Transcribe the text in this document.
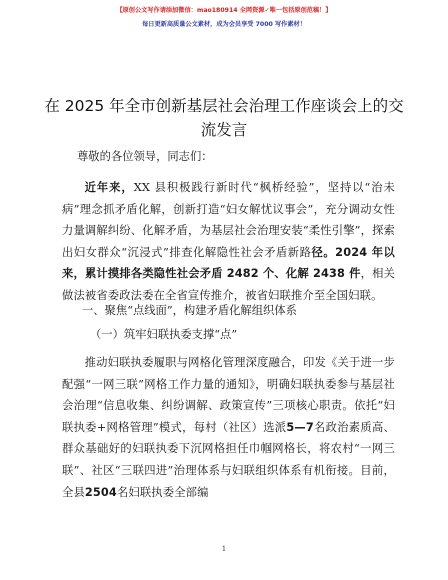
【原创公文写作请添加微信：mao180914 全网资源✓唯一包括原创范稿！】
每日更新高质量公文素材，成为会员享受 7000 写作素材！
在 2025 年全市创新基层社会治理工作座谈会上的交流发言
尊敬的各位领导，同志们：

近年来，XX 县积极践行新时代“枫桥经验”，坚持以“治未病”理念抓矛盾化解，创新打造“妇女解忧议事会”，充分调动女性力量调解纠纷、化解矛盾，为基层社会治理安装“柔性引擎”，探索出妇女群众“沉浸式”排查化解隐性社会矛盾新路径。2024 年以来，累计摸排各类隐性社会矛盾 2482 个、化解 2438 件，相关做法被省委政法委在全省宣传推介，被省妇联推介至全国妇联。

一、聚焦“点线面”，构建矛盾化解组织体系
（一）筑牢妇联执委支撑“点”

推动妇联执委履职与网格化管理深度融合，印发《关于进一步配强“一网三联”网格工作力量的通知》，明确妇联执委参与基层社会治理“信息收集、纠纷调解、政策宣传”三项核心职责。依托“妇联执委+网格管理”模式，每村（社区）选派5—7名政治素质高、群众基础好的妇联执委下沉网格担任巾帼网格长，将农村“一网三联”、社区“三联四进”治理体系与妇联组织体系有机衔接。目前，全县2504名妇联执委全部编

1
